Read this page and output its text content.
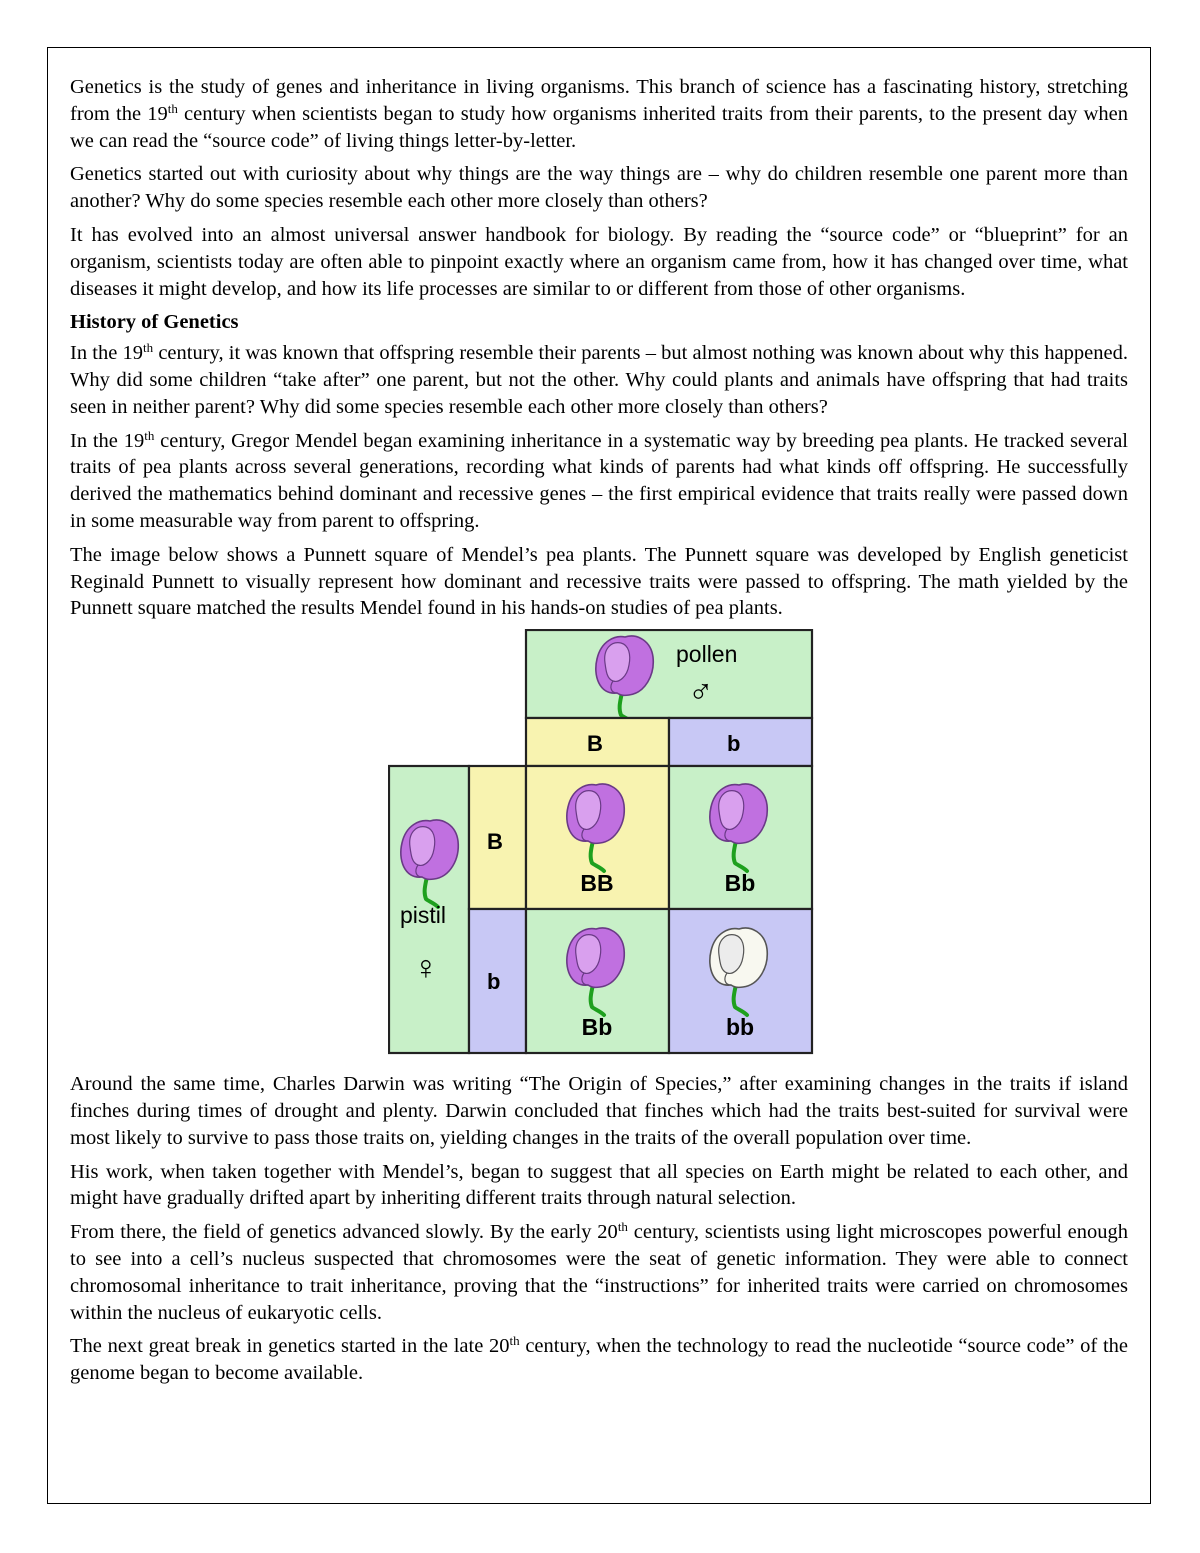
Genetics is the study of genes and inheritance in living organisms. This branch of science has a fascinating history, stretching from the 19th century when scientists began to study how organisms inherited traits from their parents, to the present day when we can read the “source code” of living things letter-by-letter.

Genetics started out with curiosity about why things are the way things are – why do children resemble one parent more than another? Why do some species resemble each other more closely than others?

It has evolved into an almost universal answer handbook for biology. By reading the “source code” or “blueprint” for an organism, scientists today are often able to pinpoint exactly where an organism came from, how it has changed over time, what diseases it might develop, and how its life processes are similar to or different from those of other organisms.

History of Genetics

In the 19th century, it was known that offspring resemble their parents – but almost nothing was known about why this happened. Why did some children “take after” one parent, but not the other. Why could plants and animals have offspring that had traits seen in neither parent? Why did some species resemble each other more closely than others?

In the 19th century, Gregor Mendel began examining inheritance in a systematic way by breeding pea plants. He tracked several traits of pea plants across several generations, recording what kinds of parents had what kinds off offspring. He successfully derived the mathematics behind dominant and recessive genes – the first empirical evidence that traits really were passed down in some measurable way from parent to offspring.

The image below shows a Punnett square of Mendel’s pea plants. The Punnett square was developed by English geneticist Reginald Punnett to visually represent how dominant and recessive traits were passed to offspring. The math yielded by the Punnett square matched the results Mendel found in his hands-on studies of pea plants.

pollen
♂
B	b
pistil
♀
B
b
BB	Bb
Bb	bb

Around the same time, Charles Darwin was writing “The Origin of Species,” after examining changes in the traits if island finches during times of drought and plenty. Darwin concluded that finches which had the traits best-suited for survival were most likely to survive to pass those traits on, yielding changes in the traits of the overall population over time.

His work, when taken together with Mendel’s, began to suggest that all species on Earth might be related to each other, and might have gradually drifted apart by inheriting different traits through natural selection.

From there, the field of genetics advanced slowly. By the early 20th century, scientists using light microscopes powerful enough to see into a cell’s nucleus suspected that chromosomes were the seat of genetic information. They were able to connect chromosomal inheritance to trait inheritance, proving that the “instructions” for inherited traits were carried on chromosomes within the nucleus of eukaryotic cells.

The next great break in genetics started in the late 20th century, when the technology to read the nucleotide “source code” of the genome began to become available.
